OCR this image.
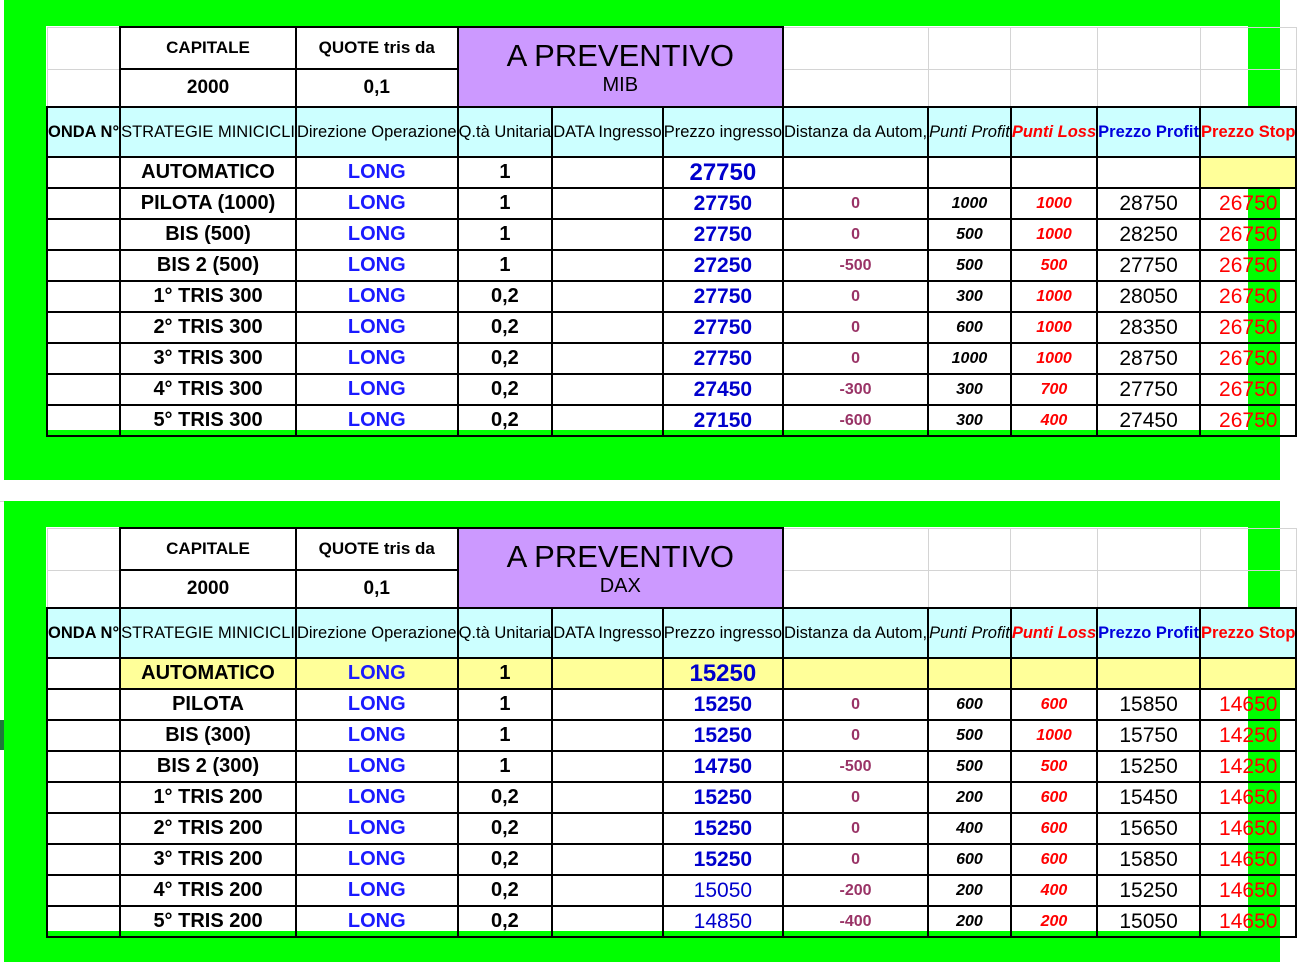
	CAPITALE	QUOTE tris da	A PREVENTIVO
MIB							

	2000	0,1								

ONDA N°	STRATEGIE MINICICLI	Direzione Operazione	Q.tà Unitaria	DATA Ingresso	Prezzo ingresso	Distanza da Autom,	Punti Profit	Punti Loss	Prezzo Profit	Prezzo Stop

	AUTOMATICO	LONG	1		27750					
	PILOTA (1000)	LONG	1		27750	0	1000	1000	28750	26750
	BIS (500)	LONG	1		27750	0	500	1000	28250	26750
	BIS 2 (500)	LONG	1		27250	-500	500	500	27750	26750
	1° TRIS 300	LONG	0,2		27750	0	300	1000	28050	26750
	2° TRIS 300	LONG	0,2		27750	0	600	1000	28350	26750
	3° TRIS 300	LONG	0,2		27750	0	1000	1000	28750	26750
	4° TRIS 300	LONG	0,2		27450	-300	300	700	27750	26750
	5° TRIS 300	LONG	0,2		27150	-600	300	400	27450	26750
	CAPITALE	QUOTE tris da	A PREVENTIVO
DAX							

	2000	0,1								

ONDA N°	STRATEGIE MINICICLI	Direzione Operazione	Q.tà Unitaria	DATA Ingresso	Prezzo ingresso	Distanza da Autom,	Punti Profit	Punti Loss	Prezzo Profit	Prezzo Stop

	AUTOMATICO	LONG	1		15250					
	PILOTA	LONG	1		15250	0	600	600	15850	14650
	BIS (300)	LONG	1		15250	0	500	1000	15750	14250
	BIS 2 (300)	LONG	1		14750	-500	500	500	15250	14250
	1° TRIS 200	LONG	0,2		15250	0	200	600	15450	14650
	2° TRIS 200	LONG	0,2		15250	0	400	600	15650	14650
	3° TRIS 200	LONG	0,2		15250	0	600	600	15850	14650
	4° TRIS 200	LONG	0,2		15050	-200	200	400	15250	14650
	5° TRIS 200	LONG	0,2		14850	-400	200	200	15050	14650
